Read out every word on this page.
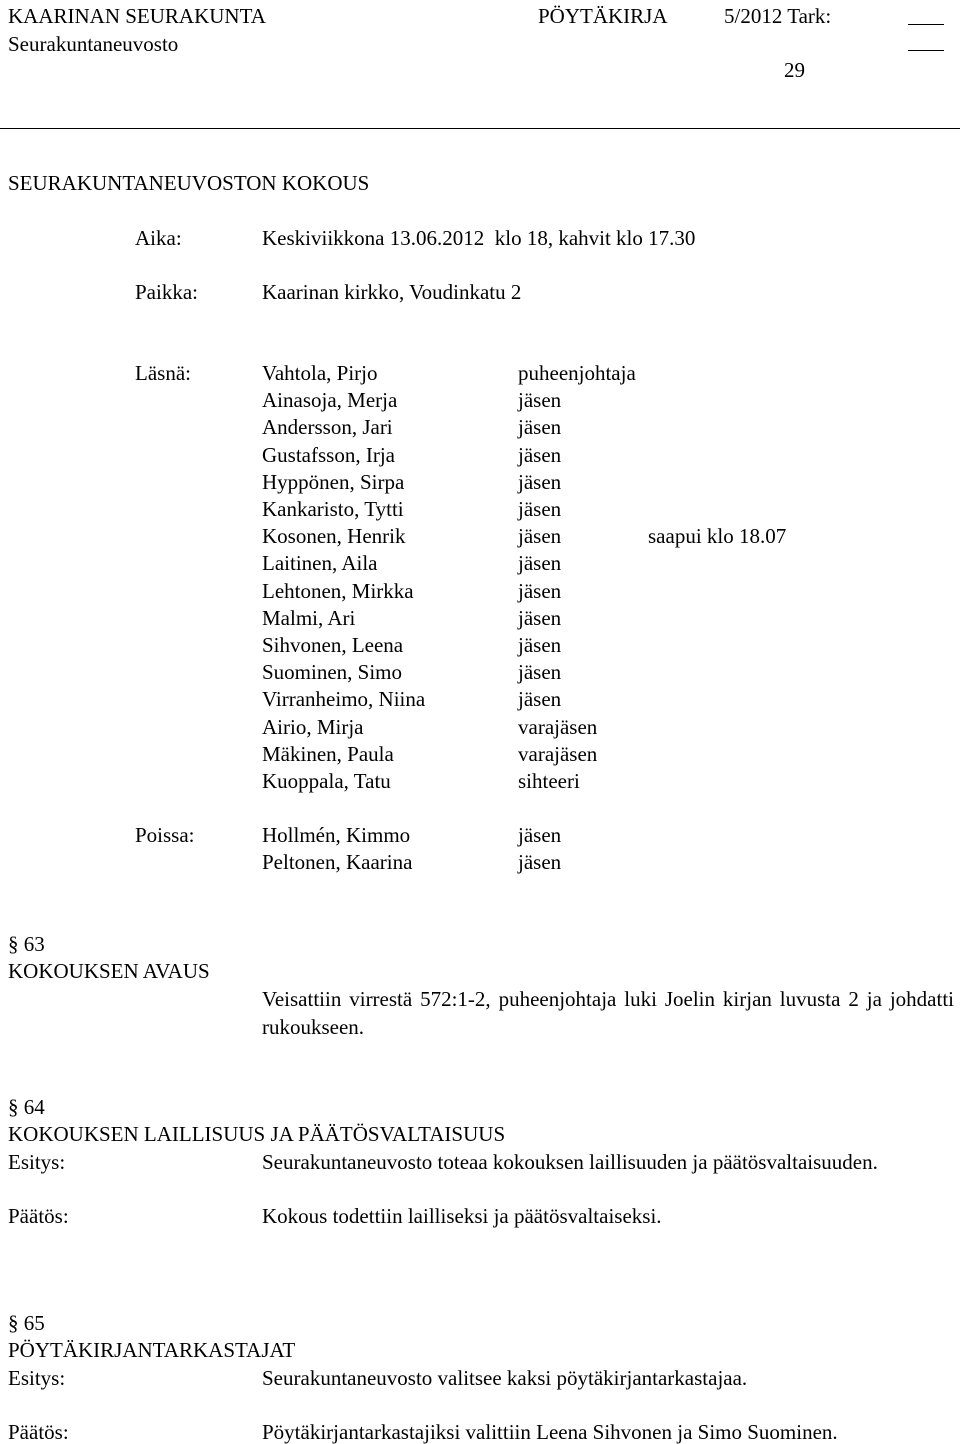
KAARINAN SEURAKUNTA	PÖYTÄKIRJA	5/2012 Tark:
Seurakuntaneuvosto
29
SEURAKUNTANEUVOSTON KOKOUS
Aika:	Keskiviikkona 13.06.2012  klo 18, kahvit klo 17.30
Paikka:	Kaarinan kirkko, Voudinkatu 2
Läsnä:	Vahtola, Pirjo	puheenjohtaja
Ainasoja, Merja	jäsen
Andersson, Jari	jäsen
Gustafsson, Irja	jäsen
Hyppönen, Sirpa	jäsen
Kankaristo, Tytti	jäsen
Kosonen, Henrik	jäsen	saapui klo 18.07
Laitinen, Aila	jäsen
Lehtonen, Mirkka	jäsen
Malmi, Ari	jäsen
Sihvonen, Leena	jäsen
Suominen, Simo	jäsen
Virranheimo, Niina	jäsen
Airio, Mirja	varajäsen
Mäkinen, Paula	varajäsen
Kuoppala, Tatu	sihteeri
Poissa:	Hollmén, Kimmo	jäsen
Peltonen, Kaarina	jäsen
§ 63
KOKOUKSEN AVAUS
Veisattiin virrestä 572:1-2, puheenjohtaja luki Joelin kirjan luvusta 2 ja johdatti rukoukseen.
§ 64
KOKOUKSEN LAILLISUUS JA PÄÄTÖSVALTAISUUS
Esitys:	Seurakuntaneuvosto toteaa kokouksen laillisuuden ja päätösvaltaisuuden.
Päätös:	Kokous todettiin lailliseksi ja päätösvaltaiseksi.
§ 65
PÖYTÄKIRJANTARKASTAJAT
Esitys:	Seurakuntaneuvosto valitsee kaksi pöytäkirjantarkastajaa.
Päätös:	Pöytäkirjantarkastajiksi valittiin Leena Sihvonen ja Simo Suominen.
